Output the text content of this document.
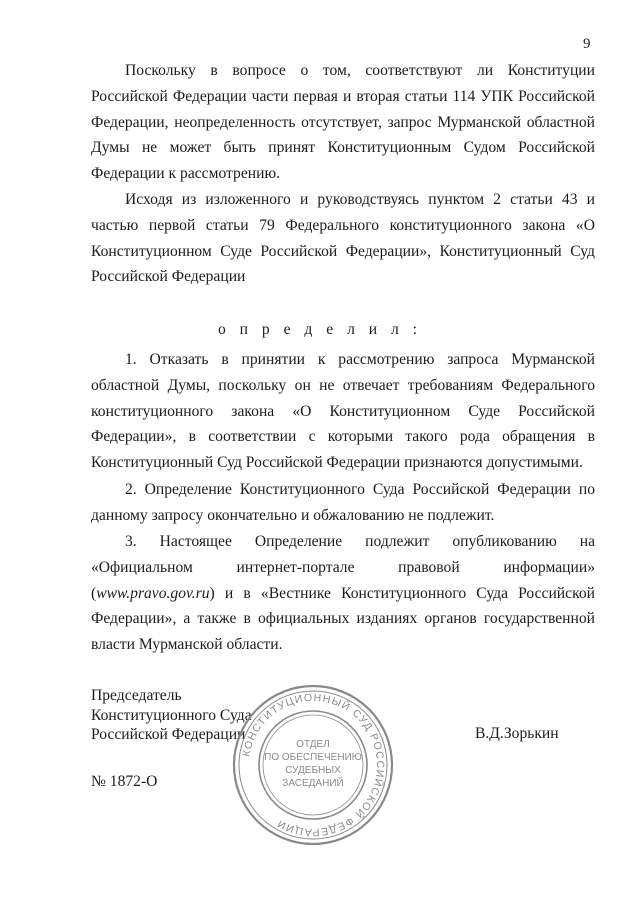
9

Поскольку в вопросе о том, соответствуют ли Конституции Российской Федерации части первая и вторая статьи 114 УПК Российской Федерации, неопределенность отсутствует, запрос Мурманской областной Думы не может быть принят Конституционным Судом Российской Федерации к рассмотрению.

Исходя из изложенного и руководствуясь пунктом 2 статьи 43 и частью первой статьи 79 Федерального конституционного закона «О Конституционном Суде Российской Федерации», Конституционный Суд Российской Федерации

о п р е д е л и л :

1. Отказать в принятии к рассмотрению запроса Мурманской областной Думы, поскольку он не отвечает требованиям Федерального конституционного закона «О Конституционном Суде Российской Федерации», в соответствии с которыми такого рода обращения в Конституционный Суд Российской Федерации признаются допустимыми.

2. Определение Конституционного Суда Российской Федерации по данному запросу окончательно и обжалованию не подлежит.

3. Настоящее Определение подлежит опубликованию на «Официальном интернет-портале правовой информации» (www.pravo.gov.ru) и в «Вестнике Конституционного Суда Российской Федерации», а также в официальных изданиях органов государственной власти Мурманской области.

Председатель
Конституционного Суда
Российской Федерации	В.Д.Зорькин
№ 1872-О
КОНСТИТУЦИОННЫЙ СУД РОССИЙСКОЙ ФЕДЕРАЦИИ
ОТДЕЛ
ПО ОБЕСПЕЧЕНИЮ
СУДЕБНЫХ
ЗАСЕДАНИЙ
